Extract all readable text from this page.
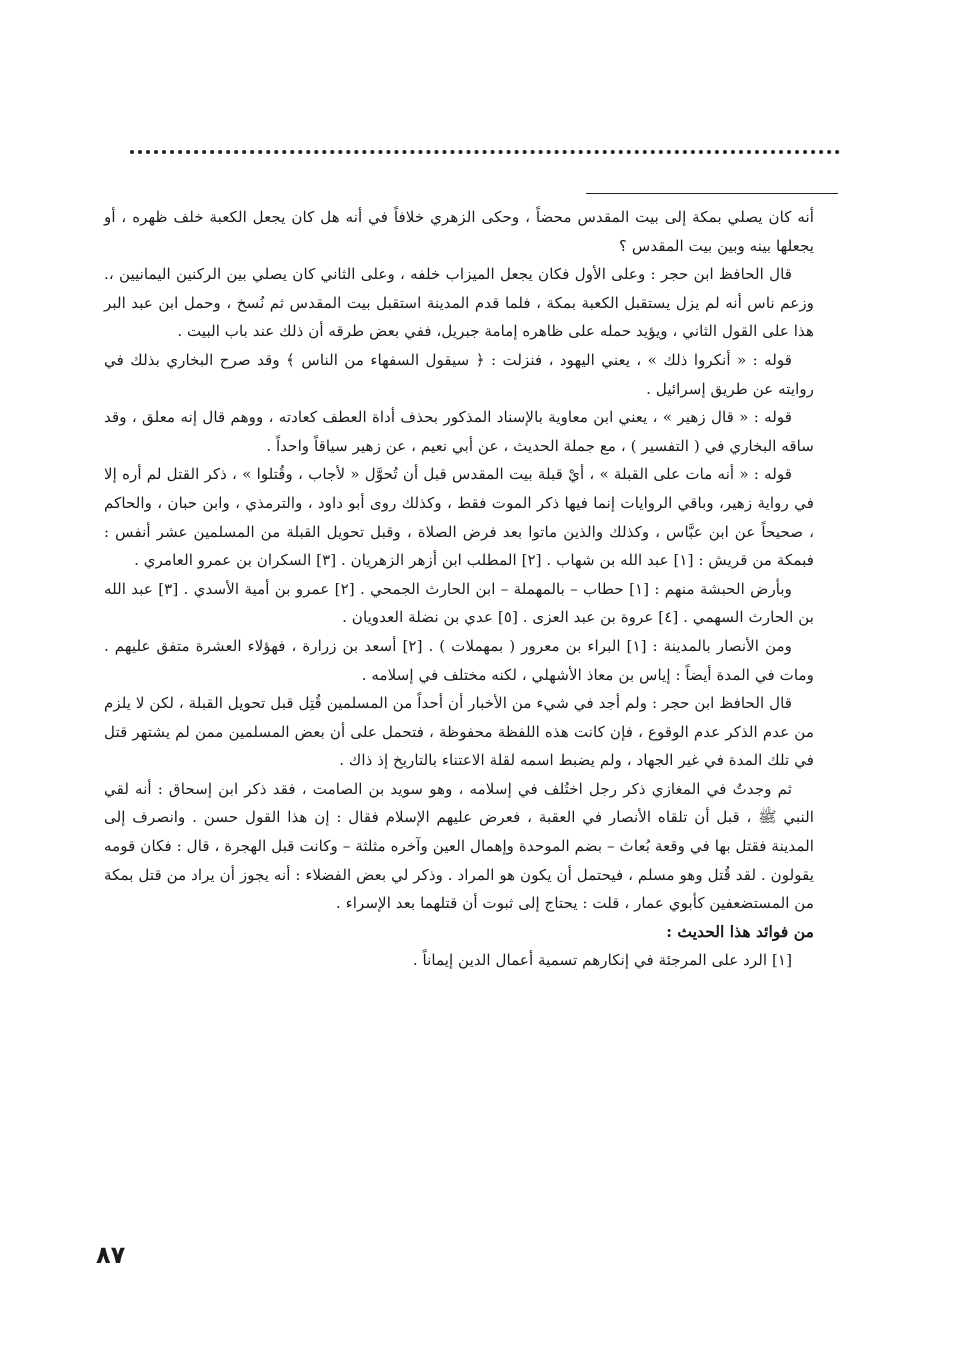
أنه كان يصلي بمكة إلى بيت المقدس محضاً ، وحكى الزهري خلافاً في أنه هل كان يجعل الكعبة خلف ظهره ، أو يجعلها بينه وبين بيت المقدس ؟

قال الحافظ ابن حجر : وعلى الأول فكان يجعل الميزاب خلفه ، وعلى الثاني كان يصلي بين الركنين اليمانيين ،. وزعم ناس أنه لم يزل يستقبل الكعبة بمكة ، فلما قدم المدينة استقبل بيت المقدس ثم نُسخ ، وحمل ابن عبد البر هذا على القول الثاني ، ويؤيد حمله على ظاهره إمامة جبريل، ففي بعض طرقه أن ذلك عند باب البيت .

قوله : « أنكروا ذلك » ، يعني اليهود ، فنزلت : ﴿ سيقول السفهاء من الناس ﴾ وقد صرح البخاري بذلك في روايته عن طريق إسرائيل .

قوله : « قال زهير » ، يعني ابن معاوية بالإسناد المذكور بحذف أداة العطف كعادته ، ووهم قال إنه معلق ، وقد ساقه البخاري في ( التفسير ) ، مع جملة الحديث ، عن أبي نعيم ، عن زهير سياقاً واحداً .

قوله : « أنه مات على القبلة » ، أيْ قبلة بيت المقدس قبل أن تُحوَّل « لأجاب ، وقُتلوا » ، ذكر القتل لم أره إلا في رواية زهير، وباقي الروايات إنما فيها ذكر الموت فقط ، وكذلك روى أبو داود ، والترمذي ، وابن حبان ، والحاكم ، صحيحاً عن ابن عبَّاس ، وكذلك والذين ماتوا بعد فرض الصلاة ، وقبل تحويل القبلة من المسلمين عشر أنفس : فبمكة من قريش : [١] عبد الله بن شهاب . [٢] المطلب ابن أزهر الزهريان . [٣] السكران بن عمرو العامري .

وبأرض الحبشة منهم : [١] حطاب – بالمهملة – ابن الحارث الجمحي . [٢] عمرو بن أمية الأسدي . [٣] عبد الله بن الحارث السهمي . [٤] عروة بن عبد العزى . [٥] عدي بن نضلة العدويان .

ومن الأنصار بالمدينة : [١] البراء بن معرور ( بمهملات ) . [٢] أسعد بن زرارة ، فهؤلاء العشرة متفق عليهم . ومات في المدة أيضاً : إياس بن معاذ الأشهلي ، لكنه مختلف في إسلامه .

قال الحافظ ابن حجر : ولم أجد في شيء من الأخبار أن أحداً من المسلمين قُتِل قبل تحويل القبلة ، لكن لا يلزم من عدم الذكر عدم الوقوع ، فإن كانت هذه اللفظة محفوظة ، فتحمل على أن بعض المسلمين ممن لم يشتهر قتل في تلك المدة في غير الجهاد ، ولم يضبط اسمه لقلة الاعتناء بالتاريخ إذ ذاك .

ثم وجدتُ في المغازي ذكر رجل اختُلف في إسلامه ، وهو سويد بن الصامت ، فقد ذكر ابن إسحاق : أنه لقي النبي ﷺ ، قبل أن تلقاه الأنصار في العقبة ، فعرض عليهم الإسلام فقال : إن هذا القول حسن . وانصرف إلى المدينة فقتل بها في وقعة بُعاث – بضم الموحدة وإهمال العين وآخره مثلثة – وكانت قبل الهجرة ، قال : فكان قومه يقولون . لقد قُتل وهو مسلم ، فيحتمل أن يكون هو المراد . وذكر لي بعض الفضلاء : أنه يجوز أن يراد من قتل بمكة من المستضعفين كأبوي عمار ، قلت : يحتاج إلى ثبوت أن قتلهما بعد الإسراء .

من فوائد هذا الحديث :

[١] الرد على المرجئة في إنكارهم تسمية أعمال الدين إيماناً .

٨٧
